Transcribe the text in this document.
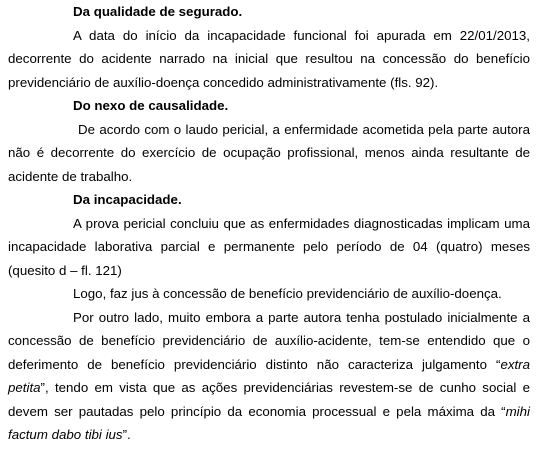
Da qualidade de segurado.

A data do início da incapacidade funcional foi apurada em 22/01/2013, decorrente do acidente narrado na inicial que resultou na concessão do benefício previdenciário de auxílio-doença concedido administrativamente (fls. 92).

Do nexo de causalidade.

De acordo com o laudo pericial, a enfermidade acometida pela parte autora não é decorrente do exercício de ocupação profissional, menos ainda resultante de acidente de trabalho.

Da incapacidade.

A prova pericial concluiu que as enfermidades diagnosticadas implicam uma incapacidade laborativa parcial e permanente pelo período de 04 (quatro) meses (quesito d – fl. 121)

Logo, faz jus à concessão de benefício previdenciário de auxílio-doença.

Por outro lado, muito embora a parte autora tenha postulado inicialmente a concessão de benefício previdenciário de auxílio-acidente, tem-se entendido que o deferimento de benefício previdenciário distinto não caracteriza julgamento “extra petita”, tendo em vista que as ações previdenciárias revestem-se de cunho social e devem ser pautadas pelo princípio da economia processual e pela máxima da “mihi factum dabo tibi ius”.
